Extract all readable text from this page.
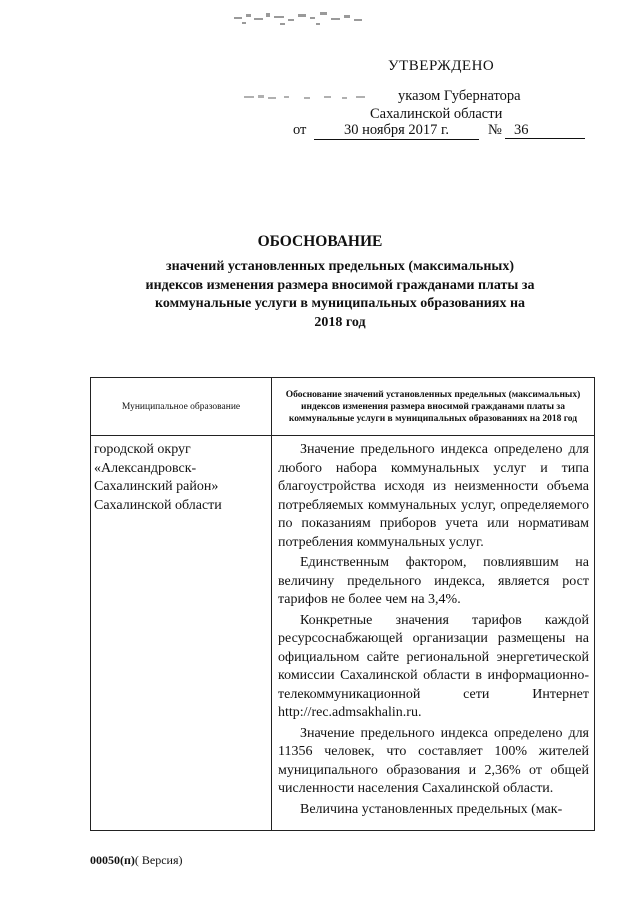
УТВЕРЖДЕНО
указом Губернатора
Сахалинской области
от	30 ноября 2017 г.	№ 36
ОБОСНОВАНИЕ
значений установленных предельных (максимальных) индексов изменения размера вносимой гражданами платы за коммунальные услуги в муниципальных образованиях на 2018 год
Муниципальное образование	Обоснование значений установленных предельных (максимальных) индексов изменения размера вносимой гражданами платы за коммунальные услуги в муниципальных образованиях на 2018 год
городской округ «Александровск-Сахалинский район» Сахалинской области	Значение предельного индекса определено для любого набора коммунальных услуг и типа благоустройства исходя из неизменности объема потребляемых коммунальных услуг, определяемого по показаниям приборов учета или нормативам потребления коммунальных услуг.

Единственным фактором, повлиявшим на величину предельного индекса, является рост тарифов не более чем на 3,4%.

Конкретные значения тарифов каждой ресурсоснабжающей организации размещены на официальном сайте региональной энергетической комиссии Сахалинской области в информационно-телекоммуникационной сети Интернет http://rec.admsakhalin.ru.

Значение предельного индекса определено для 11356 человек, что составляет 100% жителей муниципального образования и 2,36% от общей численности населения Сахалинской области.

Величина установленных предельных (мак-

00050(п)( Версия)
